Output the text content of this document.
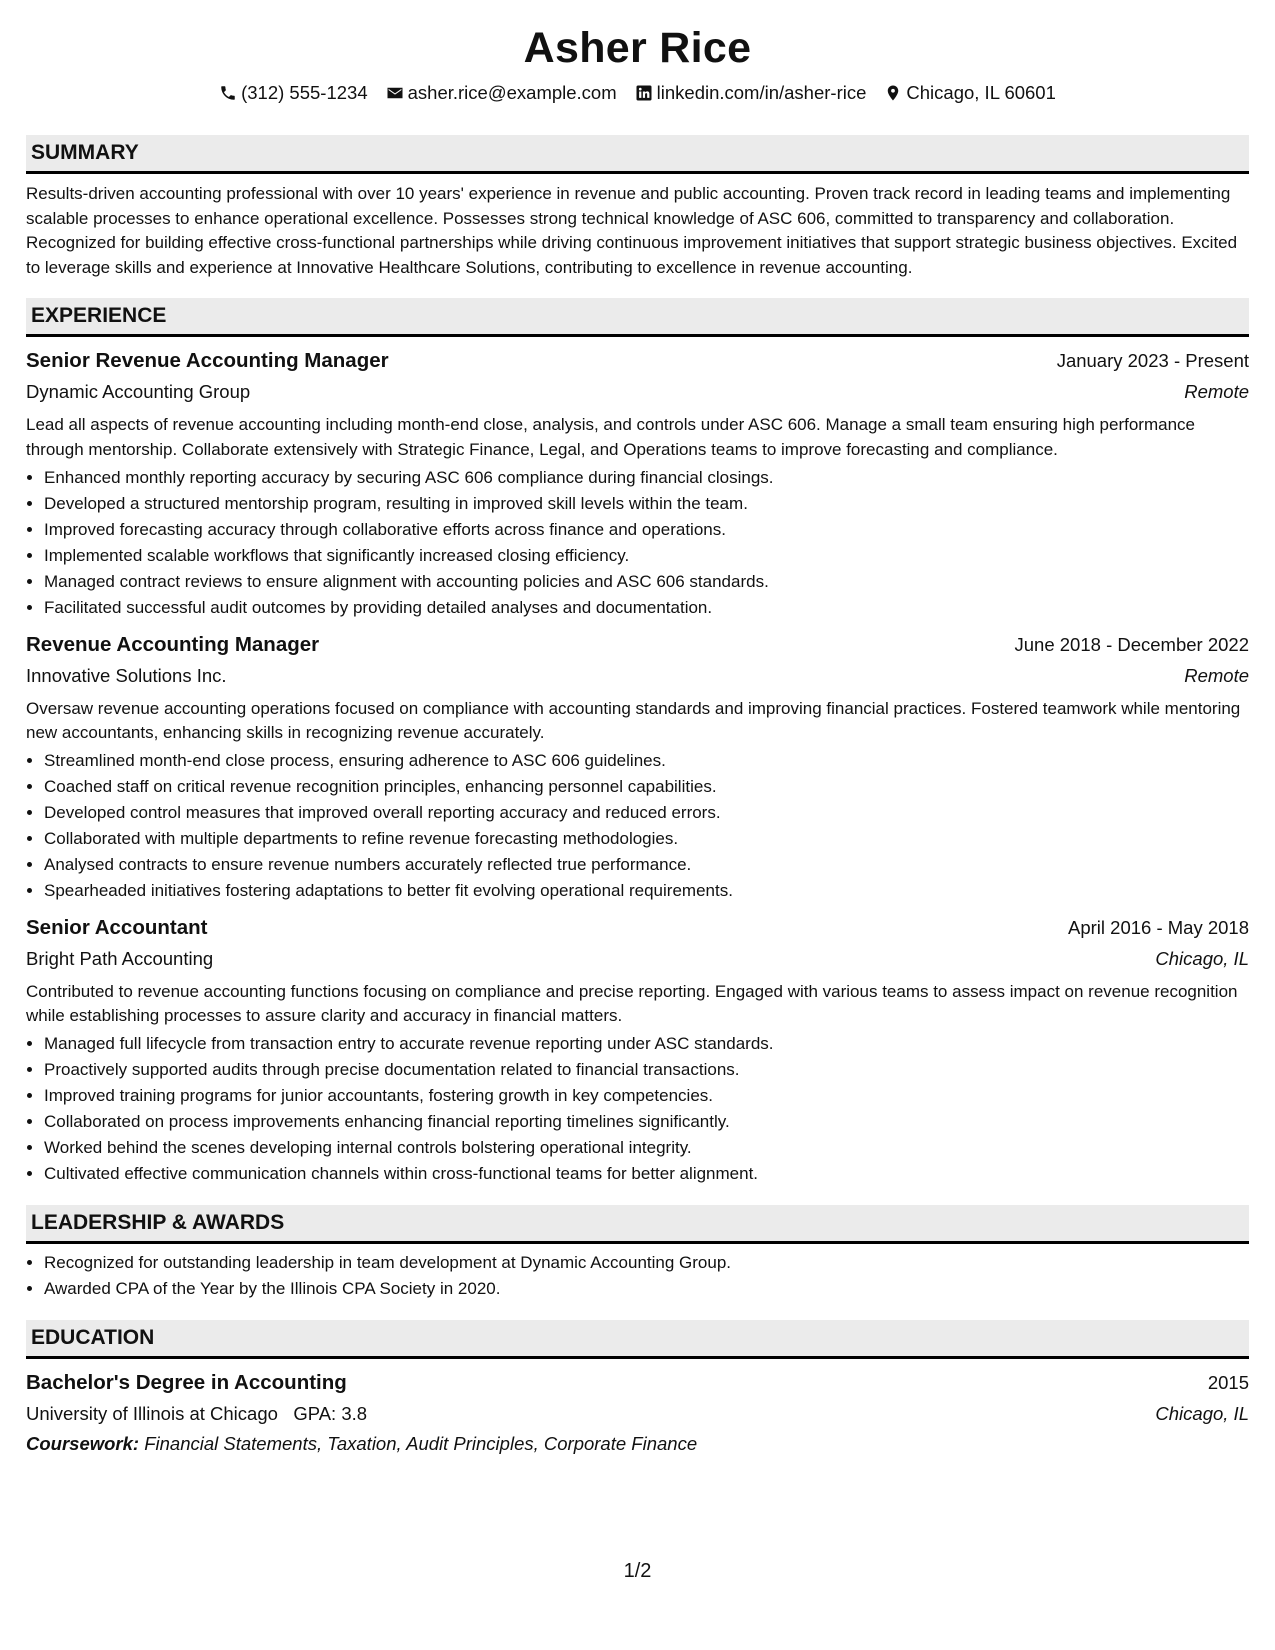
Asher Rice
(312) 555-1234 asher.rice@example.com linkedin.com/in/asher-rice Chicago, IL 60601
SUMMARY
Results-driven accounting professional with over 10 years' experience in revenue and public accounting. Proven track record in leading teams and implementing scalable processes to enhance operational excellence. Possesses strong technical knowledge of ASC 606, committed to transparency and collaboration. Recognized for building effective cross-functional partnerships while driving continuous improvement initiatives that support strategic business objectives. Excited to leverage skills and experience at Innovative Healthcare Solutions, contributing to excellence in revenue accounting.
EXPERIENCE
Senior Revenue Accounting Manager	January 2023 - Present
Dynamic Accounting Group	Remote
Lead all aspects of revenue accounting including month-end close, analysis, and controls under ASC 606. Manage a small team ensuring high performance through mentorship. Collaborate extensively with Strategic Finance, Legal, and Operations teams to improve forecasting and compliance.
• Enhanced monthly reporting accuracy by securing ASC 606 compliance during financial closings.
• Developed a structured mentorship program, resulting in improved skill levels within the team.
• Improved forecasting accuracy through collaborative efforts across finance and operations.
• Implemented scalable workflows that significantly increased closing efficiency.
• Managed contract reviews to ensure alignment with accounting policies and ASC 606 standards.
• Facilitated successful audit outcomes by providing detailed analyses and documentation.
Revenue Accounting Manager	June 2018 - December 2022
Innovative Solutions Inc.	Remote
Oversaw revenue accounting operations focused on compliance with accounting standards and improving financial practices. Fostered teamwork while mentoring new accountants, enhancing skills in recognizing revenue accurately.
• Streamlined month-end close process, ensuring adherence to ASC 606 guidelines.
• Coached staff on critical revenue recognition principles, enhancing personnel capabilities.
• Developed control measures that improved overall reporting accuracy and reduced errors.
• Collaborated with multiple departments to refine revenue forecasting methodologies.
• Analysed contracts to ensure revenue numbers accurately reflected true performance.
• Spearheaded initiatives fostering adaptations to better fit evolving operational requirements.
Senior Accountant	April 2016 - May 2018
Bright Path Accounting	Chicago, IL
Contributed to revenue accounting functions focusing on compliance and precise reporting. Engaged with various teams to assess impact on revenue recognition while establishing processes to assure clarity and accuracy in financial matters.
• Managed full lifecycle from transaction entry to accurate revenue reporting under ASC standards.
• Proactively supported audits through precise documentation related to financial transactions.
• Improved training programs for junior accountants, fostering growth in key competencies.
• Collaborated on process improvements enhancing financial reporting timelines significantly.
• Worked behind the scenes developing internal controls bolstering operational integrity.
• Cultivated effective communication channels within cross-functional teams for better alignment.
LEADERSHIP & AWARDS
• Recognized for outstanding leadership in team development at Dynamic Accounting Group.
• Awarded CPA of the Year by the Illinois CPA Society in 2020.
EDUCATION
Bachelor's Degree in Accounting	2015
University of Illinois at Chicago GPA: 3.8	Chicago, IL
Coursework: Financial Statements, Taxation, Audit Principles, Corporate Finance
1/2
